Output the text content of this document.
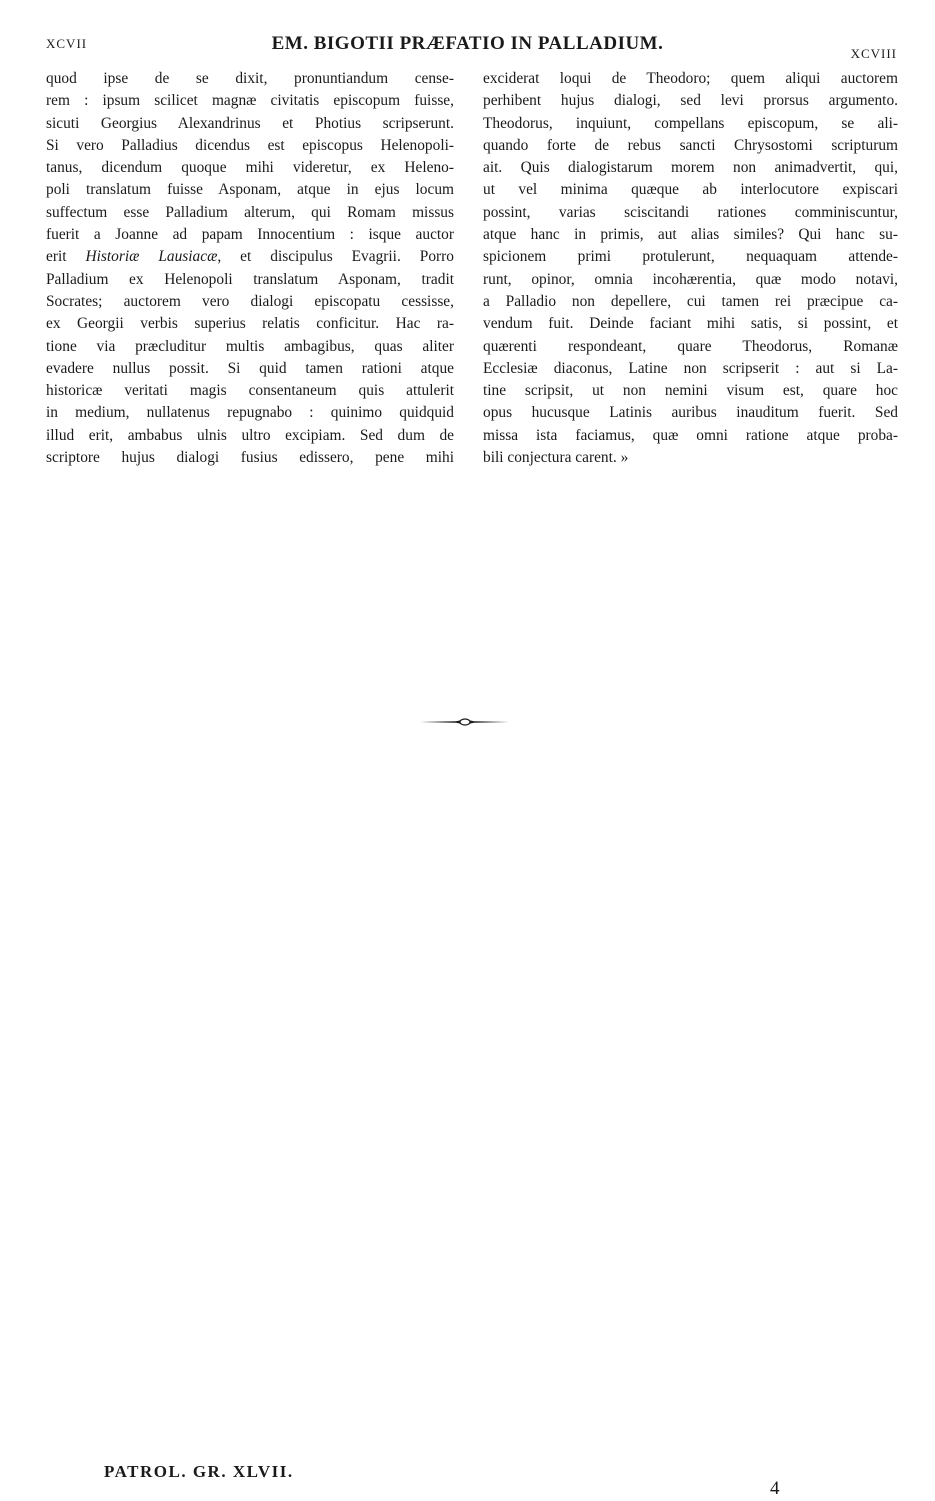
XCVII	EM. BIGOTII PRÆFATIO IN PALLADIUM.	XCVIII
quod ipse de se dixit, pronuntiandum cense-
rem : ipsum scilicet magnæ civitatis episcopum fuisse,
sicuti Georgius Alexandrinus et Photius scripserunt.
Si vero Palladius dicendus est episcopus Helenopoli-
tanus, dicendum quoque mihi videretur, ex Heleno-
poli translatum fuisse Asponam, atque in ejus locum
suffectum esse Palladium alterum, qui Romam missus
fuerit a Joanne ad papam Innocentium : isque auctor
erit Historiæ Lausiacæ, et discipulus Evagrii. Porro
Palladium ex Helenopoli translatum Asponam, tradit
Socrates; auctorem vero dialogi episcopatu cessisse,
ex Georgii verbis superius relatis conficitur. Hac ra-
tione via præcluditur multis ambagibus, quas aliter
evadere nullus possit. Si quid tamen rationi atque
historicæ veritati magis consentaneum quis attulerit
in medium, nullatenus repugnabo : quinimo quidquid
illud erit, ambabus ulnis ultro excipiam. Sed dum de
scriptore hujus dialogi fusius edissero, pene mihi
exciderat loqui de Theodoro; quem aliqui auctorem
perhibent hujus dialogi, sed levi prorsus argumento.
Theodorus, inquiunt, compellans episcopum, se ali-
quando forte de rebus sancti Chrysostomi scripturum
ait. Quis dialogistarum morem non animadvertit, qui,
ut vel minima quæque ab interlocutore expiscari
possint, varias sciscitandi rationes comminiscuntur,
atque hanc in primis, aut alias similes? Qui hanc su-
spicionem primi protulerunt, nequaquam attende-
runt, opinor, omnia incohærentia, quæ modo notavi,
a Palladio non depellere, cui tamen rei præcipue ca-
vendum fuit. Deinde faciant mihi satis, si possint, et
quærenti respondeant, quare Theodorus, Romanæ
Ecclesiæ diaconus, Latine non scripserit : aut si La-
tine scripsit, ut non nemini visum est, quare hoc
opus hucusque Latinis auribus inauditum fuerit. Sed
missa ista faciamus, quæ omni ratione atque proba-
bili conjectura carent. »
PATROL. GR. XLVII.
4
